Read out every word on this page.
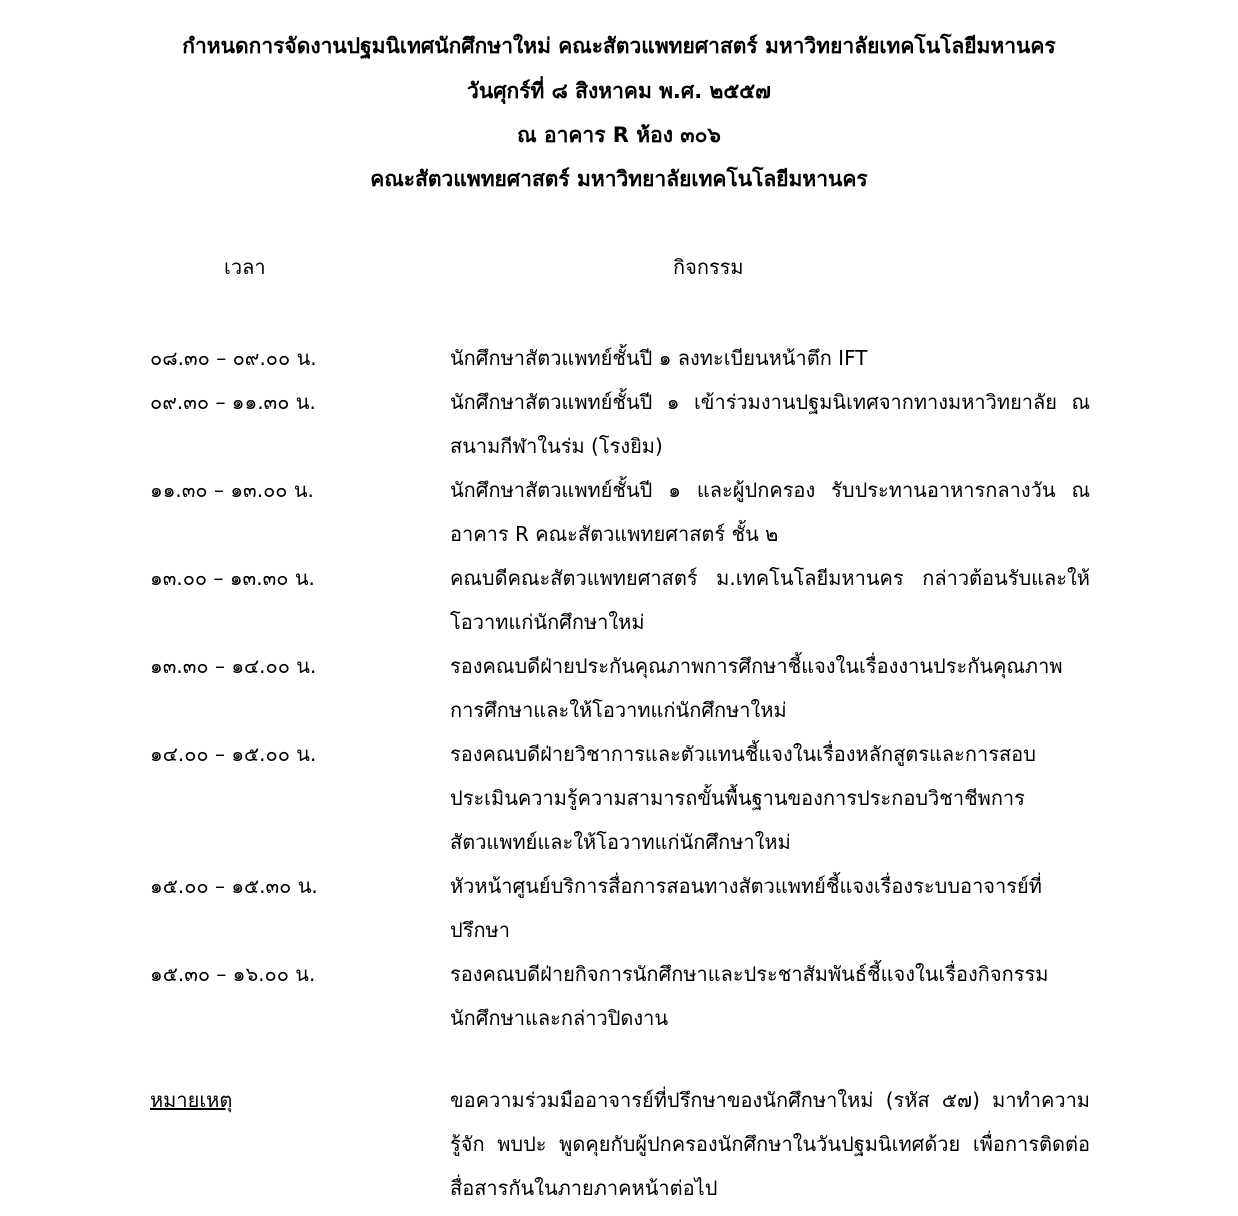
กำหนดการจัดงานปฐมนิเทศนักศึกษาใหม่ คณะสัตวแพทยศาสตร์ มหาวิทยาลัยเทคโนโลยีมหานคร
วันศุกร์ที่ ๘ สิงหาคม พ.ศ. ๒๕๕๗
ณ อาคาร R ห้อง ๓๐๖
คณะสัตวแพทยศาสตร์ มหาวิทยาลัยเทคโนโลยีมหานคร
เวลา	กิจกรรม
๐๘.๓๐ – ๐๙.๐๐ น.	นักศึกษาสัตวแพทย์ชั้นปี ๑ ลงทะเบียนหน้าตึก IFT
๐๙.๓๐ – ๑๑.๓๐ น.	นักศึกษาสัตวแพทย์ชั้นปี ๑ เข้าร่วมงานปฐมนิเทศจากทางมหาวิทยาลัย ณ สนามกีฬาในร่ม (โรงยิม)
๑๑.๓๐ – ๑๓.๐๐ น.	นักศึกษาสัตวแพทย์ชั้นปี ๑ และผู้ปกครอง รับประทานอาหารกลางวัน ณ อาคาร R คณะสัตวแพทยศาสตร์ ชั้น ๒
๑๓.๐๐ – ๑๓.๓๐ น.	คณบดีคณะสัตวแพทยศาสตร์ ม.เทคโนโลยีมหานคร กล่าวต้อนรับและให้โอวาทแก่นักศึกษาใหม่
๑๓.๓๐ – ๑๔.๐๐ น.	รองคณบดีฝ่ายประกันคุณภาพการศึกษาชี้แจงในเรื่องงานประกันคุณภาพการศึกษาและให้โอวาทแก่นักศึกษาใหม่
๑๔.๐๐ – ๑๕.๐๐ น.	รองคณบดีฝ่ายวิชาการและตัวแทนชี้แจงในเรื่องหลักสูตรและการสอบประเมินความรู้ความสามารถขั้นพื้นฐานของการประกอบวิชาชีพการสัตวแพทย์และให้โอวาทแก่นักศึกษาใหม่
๑๕.๐๐ – ๑๕.๓๐ น.	หัวหน้าศูนย์บริการสื่อการสอนทางสัตวแพทย์ชี้แจงเรื่องระบบอาจารย์ที่ปรึกษา
๑๕.๓๐ – ๑๖.๐๐ น.	รองคณบดีฝ่ายกิจการนักศึกษาและประชาสัมพันธ์ชี้แจงในเรื่องกิจกรรมนักศึกษาและกล่าวปิดงาน
หมายเหตุ	ขอความร่วมมืออาจารย์ที่ปรึกษาของนักศึกษาใหม่ (รหัส ๕๗) มาทำความรู้จัก พบปะ พูดคุยกับผู้ปกครองนักศึกษาในวันปฐมนิเทศด้วย เพื่อการติดต่อสื่อสารกันในภายภาคหน้าต่อไป
